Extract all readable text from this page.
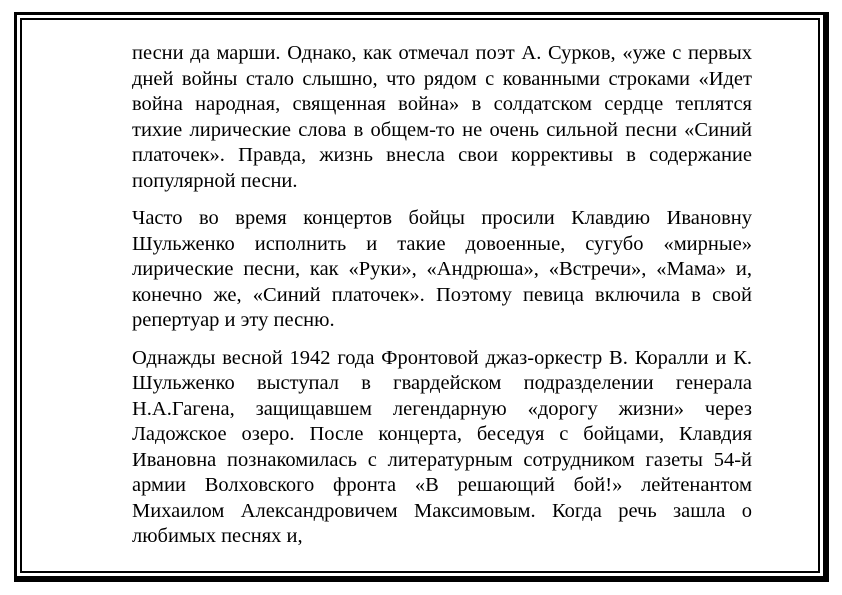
песни да марши. Однако, как отмечал поэт А. Сурков, «уже с первых дней войны стало слышно, что рядом с кованными строками «Идет война народная, священная война» в солдатском сердце теплятся тихие лирические слова в общем-то не очень сильной песни «Синий платочек». Правда, жизнь внесла свои коррективы в содержание популярной песни.

Часто во время концертов бойцы просили Клавдию Ивановну Шульженко исполнить и такие довоенные, сугубо «мирные» лирические песни, как «Руки», «Андрюша», «Встречи», «Мама» и, конечно же, «Синий платочек». Поэтому певица включила в свой репертуар и эту песню.

Однажды весной 1942 года Фронтовой джаз-оркестр В. Коралли и К. Шульженко выступал в гвардейском подразделении генерала Н.А.Гагена, защищавшем легендарную «дорогу жизни» через Ладожское озеро. После концерта, беседуя с бойцами, Клавдия Ивановна познакомилась с литературным сотрудником газеты 54-й армии Волховского фронта «В решающий бой!» лейтенантом Михаилом Александровичем Максимовым. Когда речь зашла о любимых песнях и,
